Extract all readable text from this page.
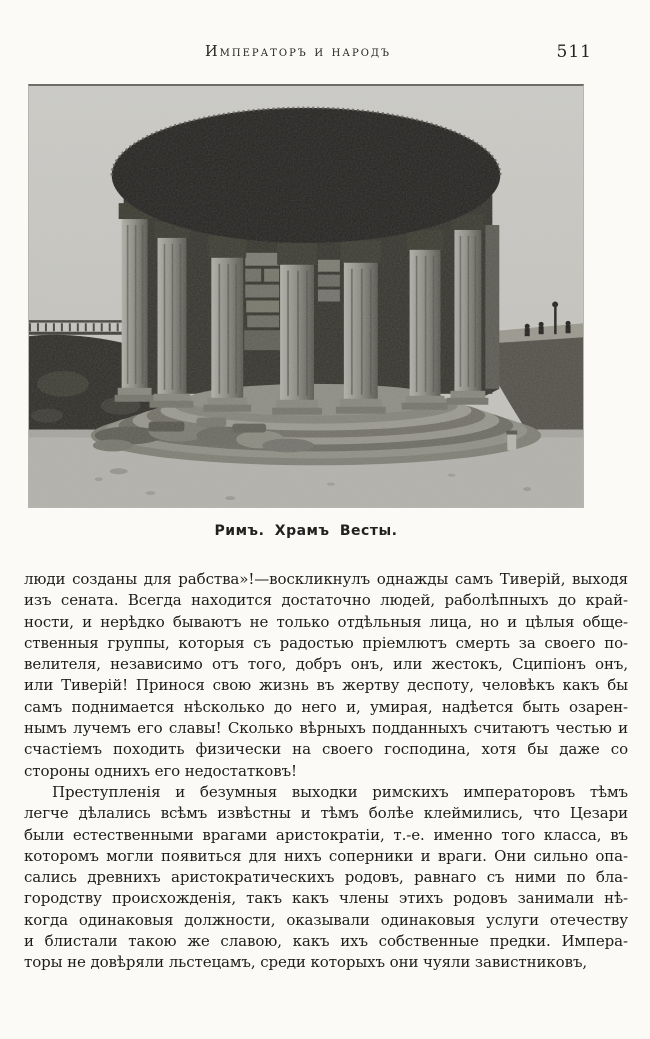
Императоръ и народъ	511
Римъ. Храмъ Весты.
люди созданы для рабства»!—воскликнулъ однажды самъ Тиверій, выходя
изъ сената. Всегда находится достаточно людей, раболѣпныхъ до край-
ности, и нерѣдко бываютъ не только отдѣльныя лица, но и цѣлыя обще-
ственныя группы, которыя съ радостью пріемлютъ смерть за своего по-
велителя, независимо отъ того, добръ онъ, или жестокъ, Сципіонъ онъ,
или Тиверій! Принося свою жизнь въ жертву деспоту, человѣкъ какъ бы
самъ поднимается нѣсколько до него и, умирая, надѣется быть озарен-
нымъ лучемъ его славы! Сколько вѣрныхъ подданныхъ считаютъ честью и
счастіемъ походить физически на своего господина, хотя бы даже со
стороны однихъ его недостатковъ!
Преступленія и безумныя выходки римскихъ императоровъ тѣмъ
легче дѣлались всѣмъ извѣстны и тѣмъ болѣе клеймились, что Цезари
были естественными врагами аристократіи, т.-е. именно того класса, въ
которомъ могли появиться для нихъ соперники и враги. Они сильно опа-
сались древнихъ аристократическихъ родовъ, равнаго съ ними по бла-
городству происхожденія, такъ какъ члены этихъ родовъ занимали нѣ-
когда одинаковыя должности, оказывали одинаковыя услуги отечеству
и блистали такою же славою, какъ ихъ собственные предки. Импера-
торы не довѣряли льстецамъ, среди которыхъ они чуяли завистниковъ,
